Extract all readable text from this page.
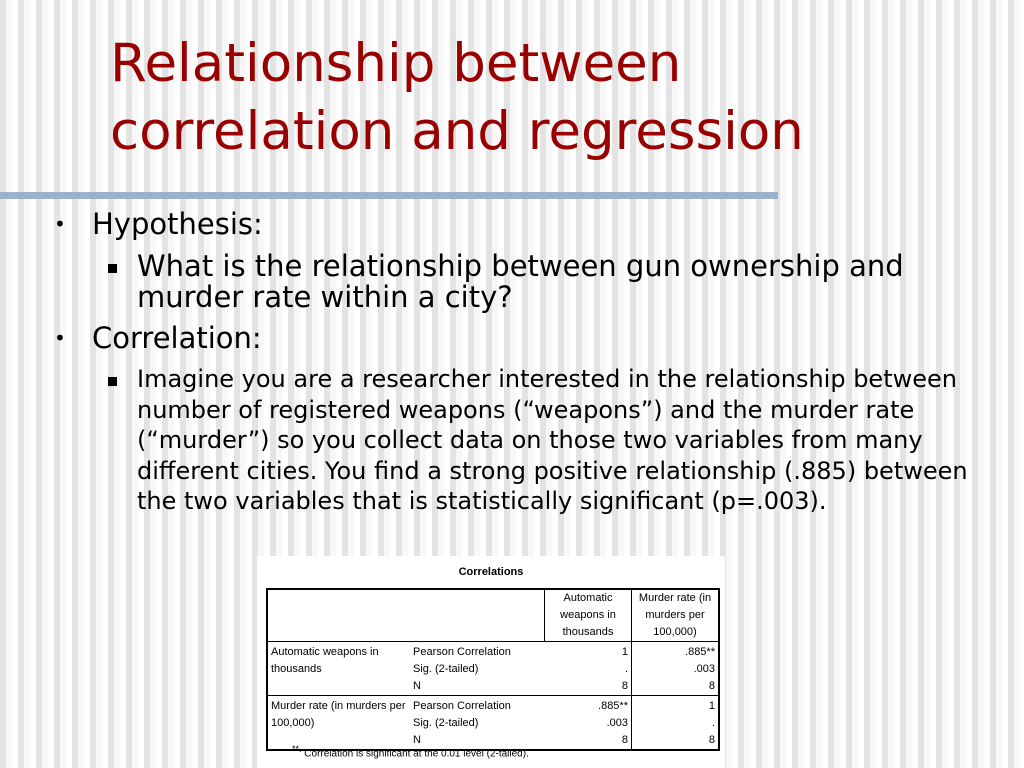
Relationship between
correlation and regression
• Hypothesis:
What is the relationship between gun ownership and murder rate within a city?
• Correlation:
Imagine you are a researcher interested in the relationship between number of registered weapons (“weapons”) and the murder rate (“murder”) so you collect data on those two variables from many different cities. You find a strong positive relationship (.885) between the two variables that is statistically significant (p=.003).
Correlations
		Automatic weapons in thousands	Murder rate (in murders per 100,000)
Automatic weapons in thousands	Pearson Correlation	1	.885**
	Sig. (2-tailed)	.	.003
	N	8	8
Murder rate (in murders per 100,000)	Pearson Correlation	.885**	1
	Sig. (2-tailed)	.003	.
	N	8	8
**. Correlation is significant at the 0.01 level (2-tailed).
